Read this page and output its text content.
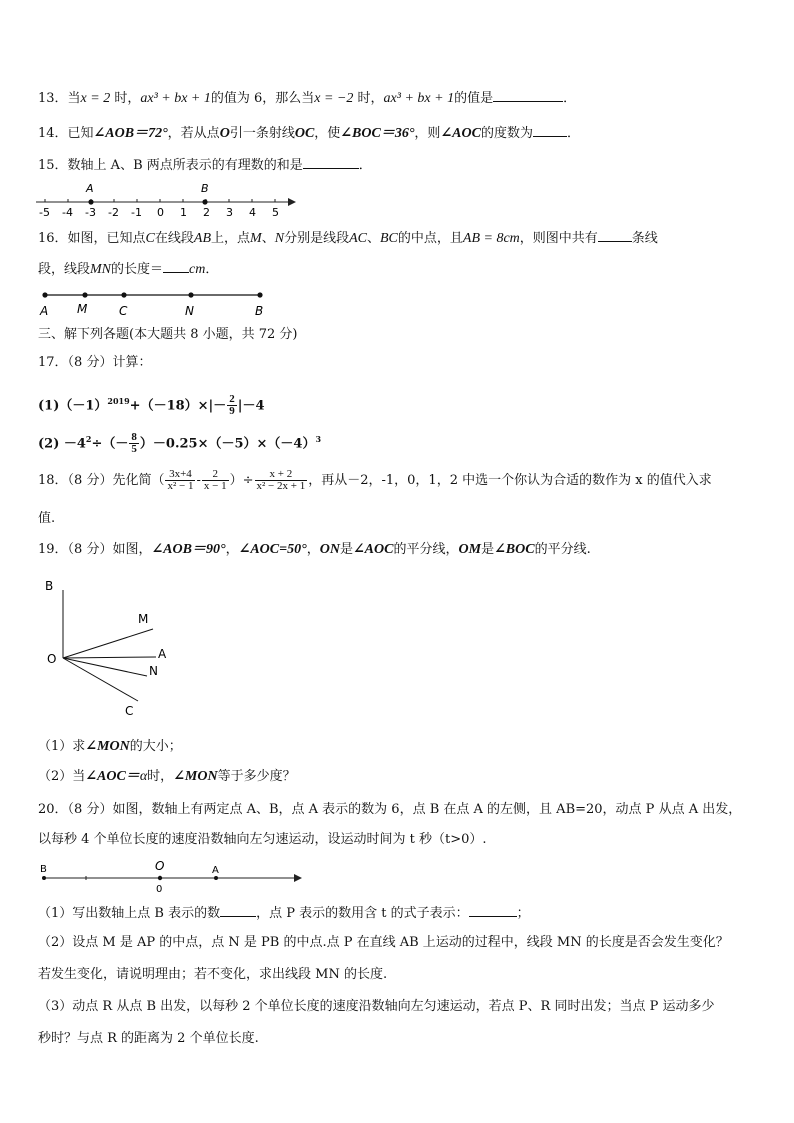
13．当x = 2 时，ax³ + bx + 1的值为 6，那么当x = −2 时，ax³ + bx + 1的值是	．
14．已知∠AOB＝72°，若从点O引一条射线OC，使∠BOC＝36°，则∠AOC的度数为	．
15．数轴上 A、B 两点所表示的有理数的和是	．
-5 -4 -3 -2 -1 0 1 2 3 4 5
A	B
16．如图，已知点C在线段AB上，点M、N分别是线段AC、BC的中点，且AB = 8cm，则图中共有	条线
段，线段MN的长度＝ cm．
A M	C	N	B
三、解下列各题(本大题共 8 小题，共 72 分)
17．（8 分）计算：
$(1)(-1)^{2019}+(-18)\times|- \frac{2}{9} |-4$
$(2) -4^2\div(- \frac{8}{5} )-0.25\times(-5)\times(-4)^3$
18．（8 分）先化简（ $\frac{3x+4}{\text{x² − 1}} - \frac{2}{x - 1}$ ）÷ $\frac{x + 2}{\text{x² − 2x + 1}}$ ，再从－2，-1，0，1，2 中选一个你认为合适的数作为 x 的值代入求
值.
19．（8 分）如图，∠AOB＝90°，∠AOC=50°，ON是∠AOC的平分线，OM是∠BOC的平分线.
B
M
O	A
N
C
（1）求∠MON的大小；
（2）当∠AOC＝α时，∠MON等于多少度？
20．（8 分）如图，数轴上有两定点 A、B，点 A 表示的数为 6，点 B 在点 A 的左侧，且 AB=20，动点 P 从点 A 出发，
以每秒 4 个单位长度的速度沿数轴向左匀速运动，设运动时间为 t 秒（t>0）.
B	O
0
A
（1）写出数轴上点 B 表示的数	，点 P 表示的数用含 t 的式子表示：	；
（2）设点 M 是 AP 的中点，点 N 是 PB 的中点.点 P 在直线 AB 上运动的过程中，线段 MN 的长度是否会发生变化？
若发生变化，请说明理由；若不变化，求出线段 MN 的长度.
（3）动点 R 从点 B 出发，以每秒 2 个单位长度的速度沿数轴向左匀速运动，若点 P、R 同时出发；当点 P 运动多少
秒时？与点 R 的距离为 2 个单位长度.
